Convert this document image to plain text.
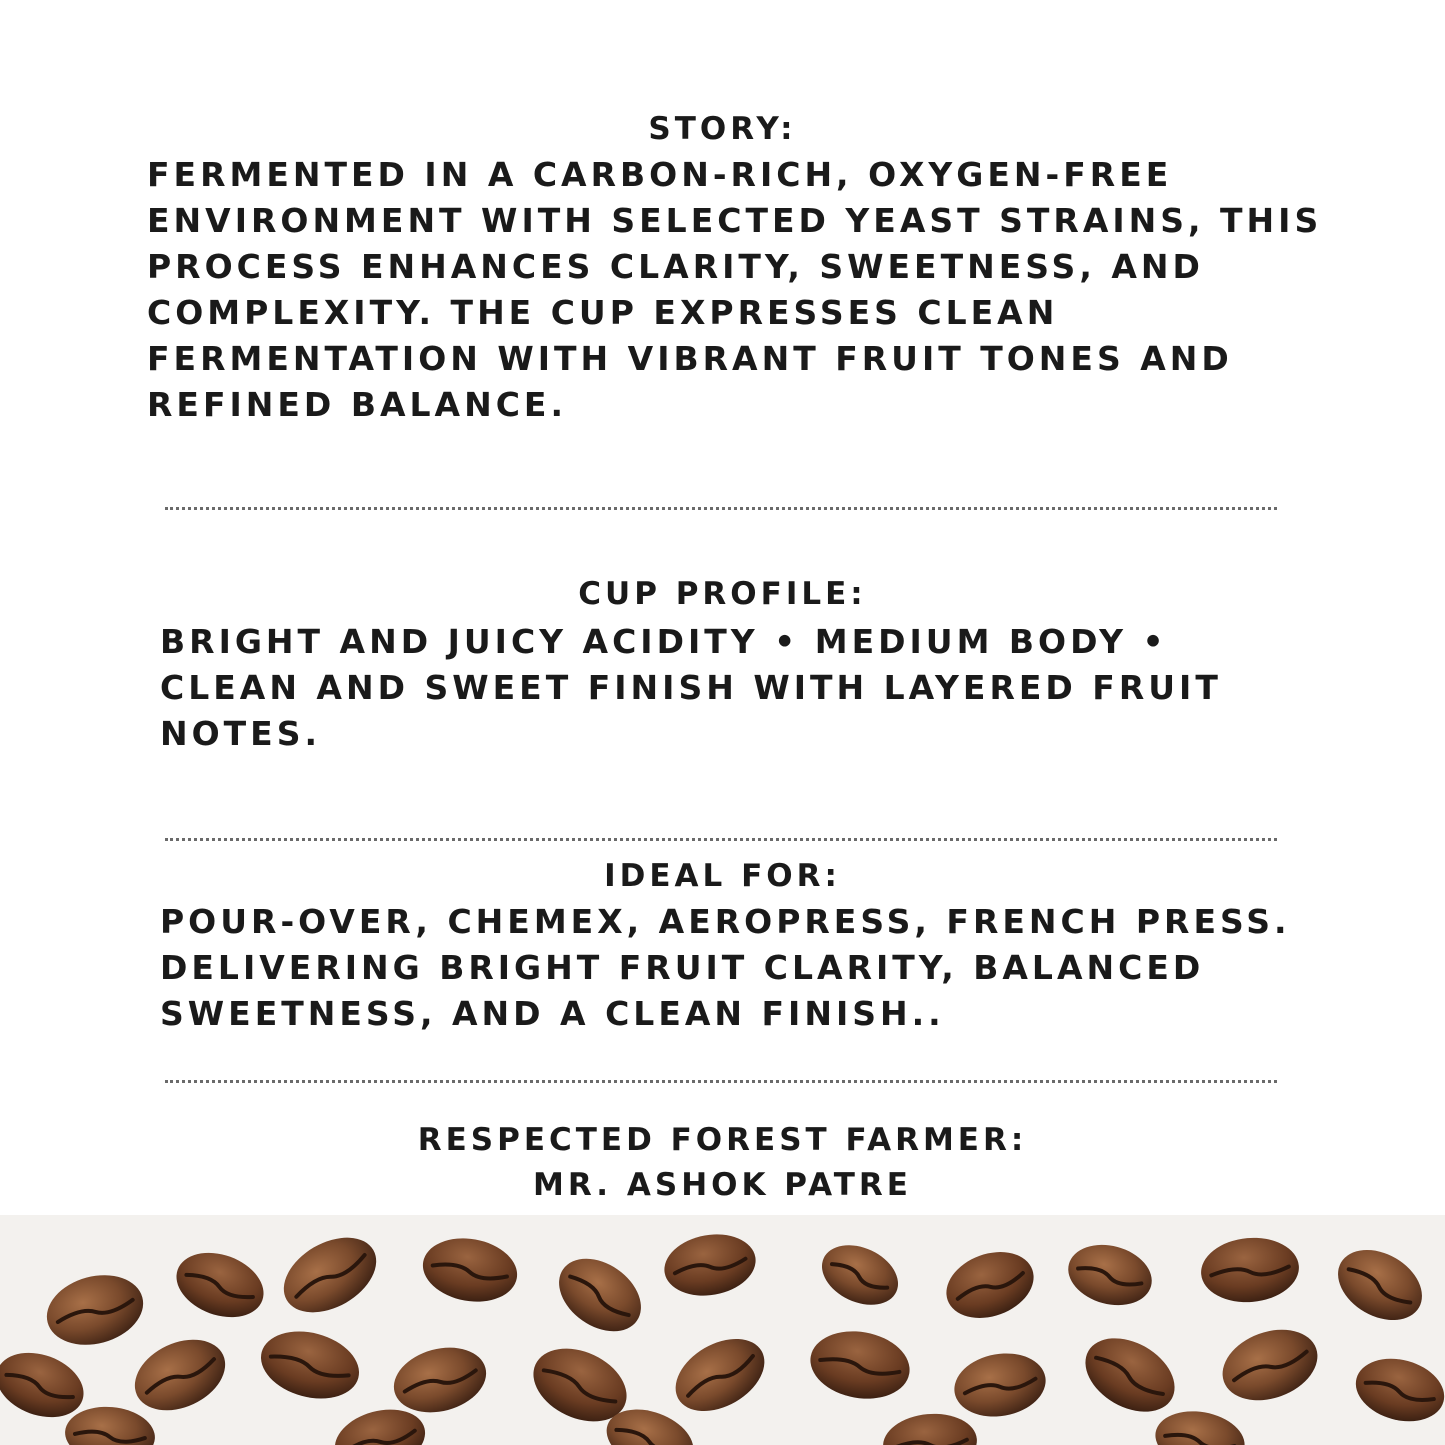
STORY:
FERMENTED IN A CARBON-RICH, OXYGEN-FREE
ENVIRONMENT WITH SELECTED YEAST STRAINS, THIS
PROCESS ENHANCES CLARITY, SWEETNESS, AND
COMPLEXITY. THE CUP EXPRESSES CLEAN
FERMENTATION WITH VIBRANT FRUIT TONES AND
REFINED BALANCE.
CUP PROFILE:
BRIGHT AND JUICY ACIDITY • MEDIUM BODY •
CLEAN AND SWEET FINISH WITH LAYERED FRUIT
NOTES.
IDEAL FOR:
POUR-OVER, CHEMEX, AEROPRESS, FRENCH PRESS.
DELIVERING BRIGHT FRUIT CLARITY, BALANCED
SWEETNESS, AND A CLEAN FINISH..
RESPECTED FOREST FARMER:
MR. ASHOK PATRE
